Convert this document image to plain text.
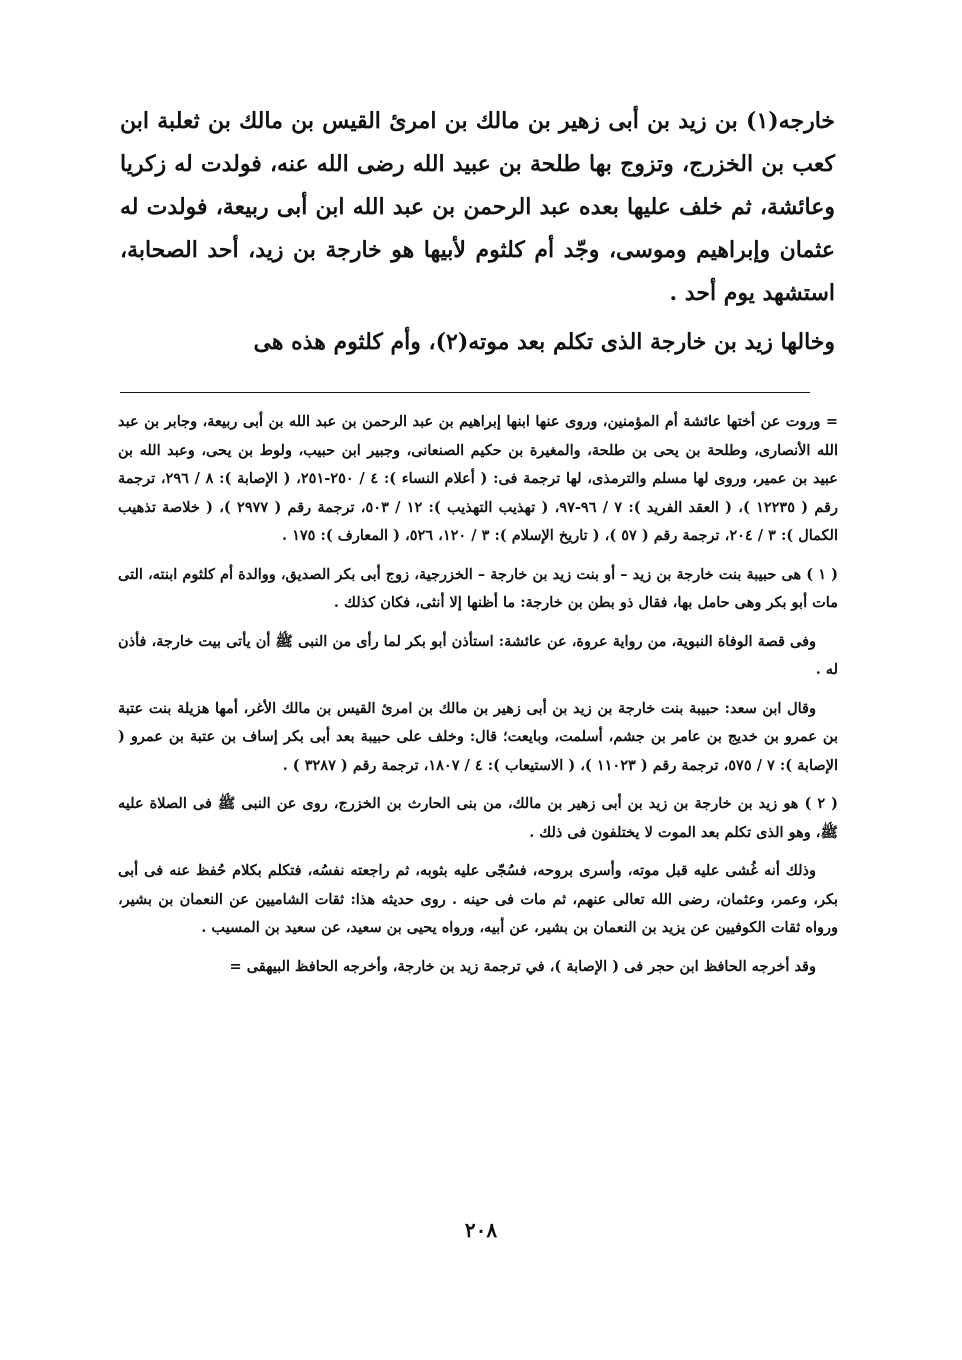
خارجه(١) بن زيد بن أبى زهير بن مالك بن امرئ القيس بن مالك بن ثعلبة ابن كعب بن الخزرج، وتزوج بها طلحة بن عبيد الله رضى الله عنه، فولدت له زكريا وعائشة، ثم خلف عليها بعده عبد الرحمن بن عبد الله ابن أبى ربيعة، فولدت له عثمان وإبراهيم وموسى، وجّد أم كلثوم لأبيها هو خارجة بن زيد، أحد الصحابة، استشهد يوم أحد .

وخالها زيد بن خارجة الذى تكلم بعد موته(٢)، وأم كلثوم هذه هى

= وروت عن أختها عائشة أم المؤمنين، وروى عنها ابنها إبراهيم بن عبد الرحمن بن عبد الله بن أبى ربيعة، وجابر بن عبد الله الأنصارى، وطلحة بن يحى بن طلحة، والمغيرة بن حكيم الصنعانى، وجبير ابن حبيب، ولوط بن يحى، وعبد الله بن عبيد بن عمير، وروى لها مسلم والترمذى، لها ترجمة فى: ( أعلام النساء ): ٤ / ٢٥٠-٢٥١، ( الإصابة ): ٨ / ٢٩٦، ترجمة رقم ( ١٢٢٣٥ )، ( العقد الفريد ): ٧ / ٩٦-٩٧، ( تهذيب التهذيب ): ١٢ / ٥٠٣، ترجمة رقم ( ٢٩٧٧ )، ( خلاصة تذهيب الكمال ): ٣ / ٢٠٤، ترجمة رقم ( ٥٧ )، ( تاريخ الإسلام ): ٣ / ١٢٠، ٥٢٦، ( المعارف ): ١٧٥ .

( ١ ) هى حبيبة بنت خارجة بن زيد – أو بنت زيد بن خارجة – الخزرجية، زوج أبى بكر الصديق، ووالدة أم كلثوم ابنته، التى مات أبو بكر وهى حامل بها، فقال ذو بطن بن خارجة: ما أظنها إلا أنثى، فكان كذلك .

وفى قصة الوفاة النبوية، من رواية عروة، عن عائشة: استأذن أبو بكر لما رأى من النبى ﷺ أن يأتى بيت خارجة، فأذن له .

وقال ابن سعد: حبيبة بنت خارجة بن زيد بن أبى زهير بن مالك بن امرئ القيس بن مالك الأغر، أمها هزيلة بنت عتبة بن عمرو بن خديج بن عامر بن جشم، أسلمت، وبايعت؛ قال: وخلف على حبيبة بعد أبى بكر إساف بن عتبة بن عمرو ( الإصابة ): ٧ / ٥٧٥، ترجمة رقم ( ١١٠٢٣ )، ( الاستيعاب ): ٤ / ١٨٠٧، ترجمة رقم ( ٣٢٨٧ ) .

( ٢ ) هو زيد بن خارجة بن زيد بن أبى زهير بن مالك، من بنى الحارث بن الخزرج، روى عن النبى ﷺ فى الصلاة عليه ﷺ، وهو الذى تكلم بعد الموت لا يختلفون فى ذلك .

وذلك أنه غُشى عليه قبل موته، وأسرى بروحه، فسُجّى عليه بثوبه، ثم راجعته نفسُه، فتكلم بكلام حُفظ عنه فى أبى بكر، وعمر، وعثمان، رضى الله تعالى عنهم، ثم مات فى حينه . روى حديثه هذا: ثقات الشاميين عن النعمان بن بشير، ورواه ثقات الكوفيين عن يزيد بن النعمان بن بشير، عن أبيه، ورواه يحيى بن سعيد، عن سعيد بن المسيب .

وقد أخرجه الحافظ ابن حجر فى ( الإصابة )، في ترجمة زيد بن خارجة، وأخرجه الحافظ البيهقى =

٢٠٨
